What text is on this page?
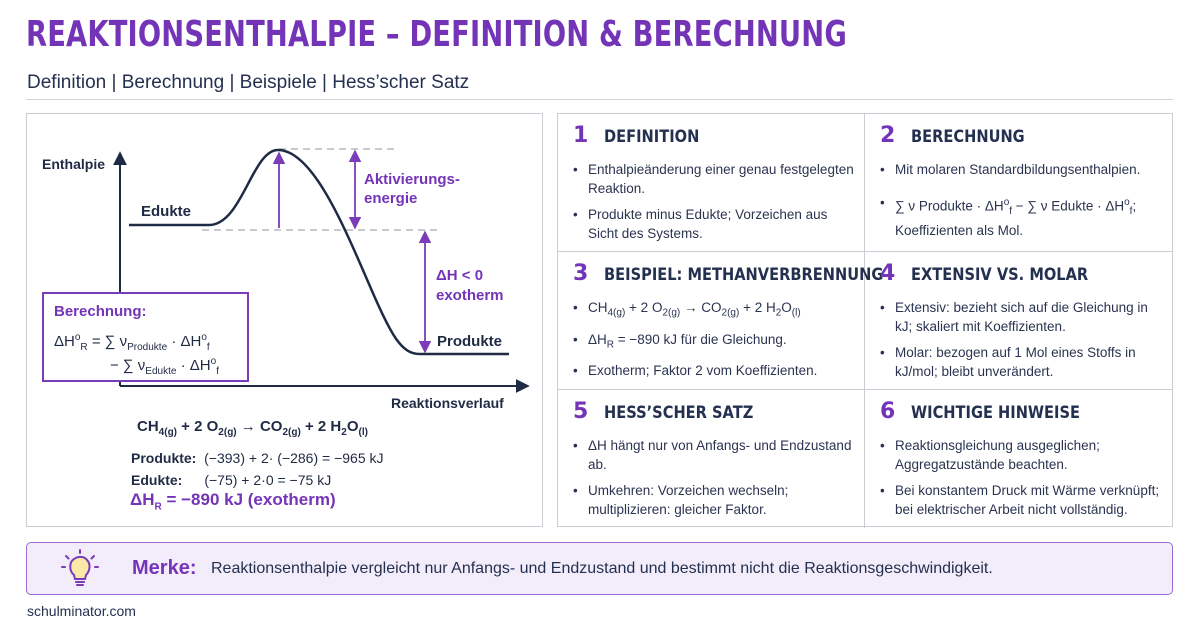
REAKTIONSENTHALPIE – DEFINITION & BERECHNUNG
Definition | Berechnung | Beispiele | Hess’scher Satz
Enthalpie
Reaktionsverlauf
Edukte
Produkte
Aktivierungs-
energie
ΔH < 0
exotherm
Berechnung:
$\Delta H^o_R$ = ∑ $\nu_{Produkte} \cdot \Delta H^o_f$
− ∑ $\nu_{Edukte} \cdot \Delta H^o_f$
$CH_{4(g)} + 2$ $O_{2(g)} \to CO_{2(g)} + 2$ $H_2O_{(l)}$
Produkte: (−393) + 2· (−286) = −965 kJ
Edukte: (−75) + 2·0 = −75 kJ
$\Delta H_R = -890$ kJ (exotherm)
1 DEFINITION
• Enthalpieänderung einer genau festgelegten Reaktion.
• Produkte minus Edukte; Vorzeichen aus Sicht des Systems.
2 BERECHNUNG
• Mit molaren Standardbildungsenthalpien.
• ∑ ν Produkte · $\Delta H^o_f$ − ∑ ν Edukte · $\Delta H^o_f$; Koeffizienten als Mol.
3 BEISPIEL: METHANVERBRENNUNG
• $CH_{4(g)} + 2$ $O_{2(g)} \to CO_{2(g)} + 2$ $H_2O_{(l)}$
• $\Delta H_R = -890$ kJ für die Gleichung.
• Exotherm; Faktor 2 vom Koeffizienten.
4 EXTENSIV VS. MOLAR
• Extensiv: bezieht sich auf die Gleichung in kJ; skaliert mit Koeffizienten.
• Molar: bezogen auf 1 Mol eines Stoffs in kJ/mol; bleibt unverändert.
5 HESS’SCHER SATZ
• ΔH hängt nur von Anfangs- und Endzustand ab.
• Umkehren: Vorzeichen wechseln; multiplizieren: gleicher Faktor.
6 WICHTIGE HINWEISE
• Reaktionsgleichung ausgeglichen; Aggregatzustände beachten.
• Bei konstantem Druck mit Wärme verknüpft; bei elektrischer Arbeit nicht vollständig.
Merke: Reaktionsenthalpie vergleicht nur Anfangs- und Endzustand und bestimmt nicht die Reaktionsgeschwindigkeit.
schulminator.com
